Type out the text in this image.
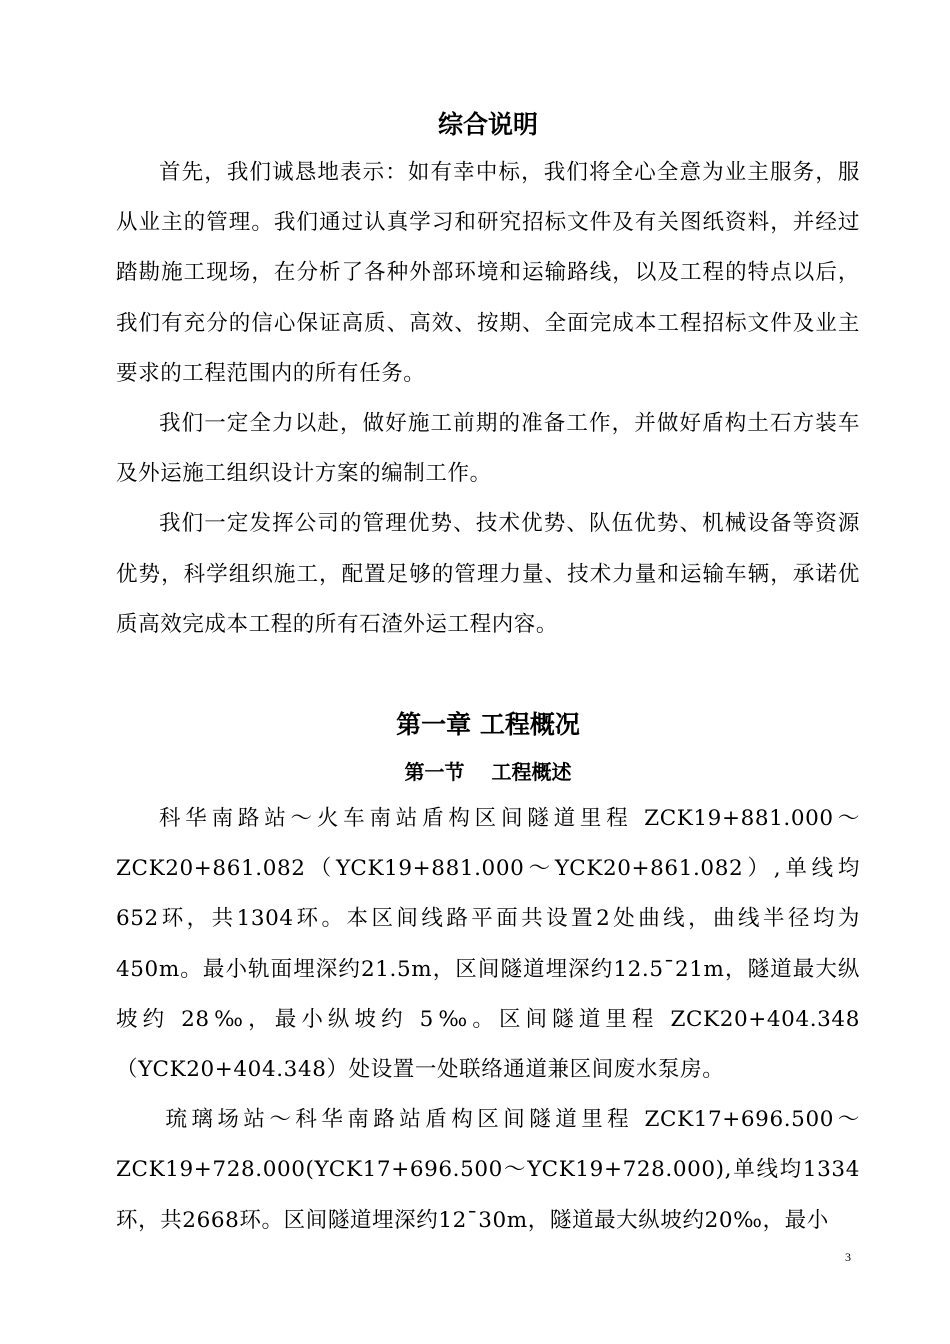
综合说明

首先，我们诚恳地表示：如有幸中标，我们将全心全意为业主服务，服从业主的管理。我们通过认真学习和研究招标文件及有关图纸资料，并经过踏勘施工现场，在分析了各种外部环境和运输路线，以及工程的特点以后，我们有充分的信心保证高质、高效、按期、全面完成本工程招标文件及业主要求的工程范围内的所有任务。

我们一定全力以赴，做好施工前期的准备工作，并做好盾构土石方装车及外运施工组织设计方案的编制工作。

我们一定发挥公司的管理优势、技术优势、队伍优势、机械设备等资源优势，科学组织施工，配置足够的管理力量、技术力量和运输车辆，承诺优质高效完成本工程的所有石渣外运工程内容。

第一章 工程概况
第一节 工程概述

科华南路站～火车南站盾构区间隧道里程 ZCK19+881.000～ZCK20+861.082（YCK19+881.000～YCK20+861.082）,单线均652环，共1304环。本区间线路平面共设置2处曲线，曲线半径均为450m。最小轨面埋深约21.5m，区间隧道埋深约12.5¯21m，隧道最大纵坡约 28‰，最小纵坡约 5‰。区间隧道里程 ZCK20+404.348（YCK20+404.348）处设置一处联络通道兼区间废水泵房。

琉璃场站～科华南路站盾构区间隧道里程 ZCK17+696.500～ZCK19+728.000(YCK17+696.500～YCK19+728.000),单线均1334环，共2668环。区间隧道埋深约12¯30m，隧道最大纵坡约20‰，最小

3
